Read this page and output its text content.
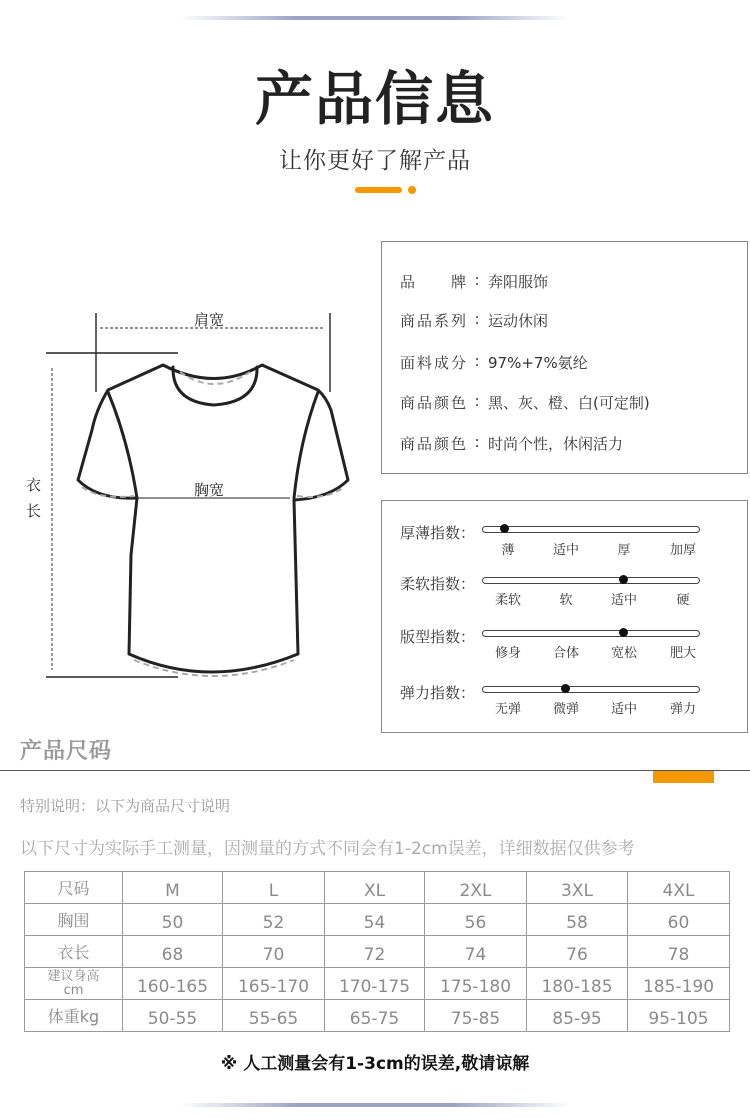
产品信息
让你更好了解产品
肩宽
胸宽
衣
长
品牌 : 奔阳服饰
商品系列 : 运动休闲
面料成分 : 97%+7%氨纶
商品颜色 : 黑、灰、橙、白(可定制)
商品颜色 : 时尚个性，休闲活力
厚薄指数：
薄	适中	厚	加厚
柔软指数：
柔软	软	适中	硬
版型指数：
修身	合体	宽松	肥大
弹力指数：
无弹	微弹	适中	弹力
产品尺码
特别说明：以下为商品尺寸说明
以下尺寸为实际手工测量，因测量的方式不同会有1-2cm误差，详细数据仅供参考
尺码	M	L	XL	2XL	3XL	4XL
胸围	50	52	54	56	58	60
衣长	68	70	72	74	76	78

建议身高
cm	160-165	165-170	170-175	175-180	180-185	185-190
体重kg	50-55	55-65	65-75	75-85	85-95	95-105
※ 人工测量会有1-3cm的误差,敬请谅解
